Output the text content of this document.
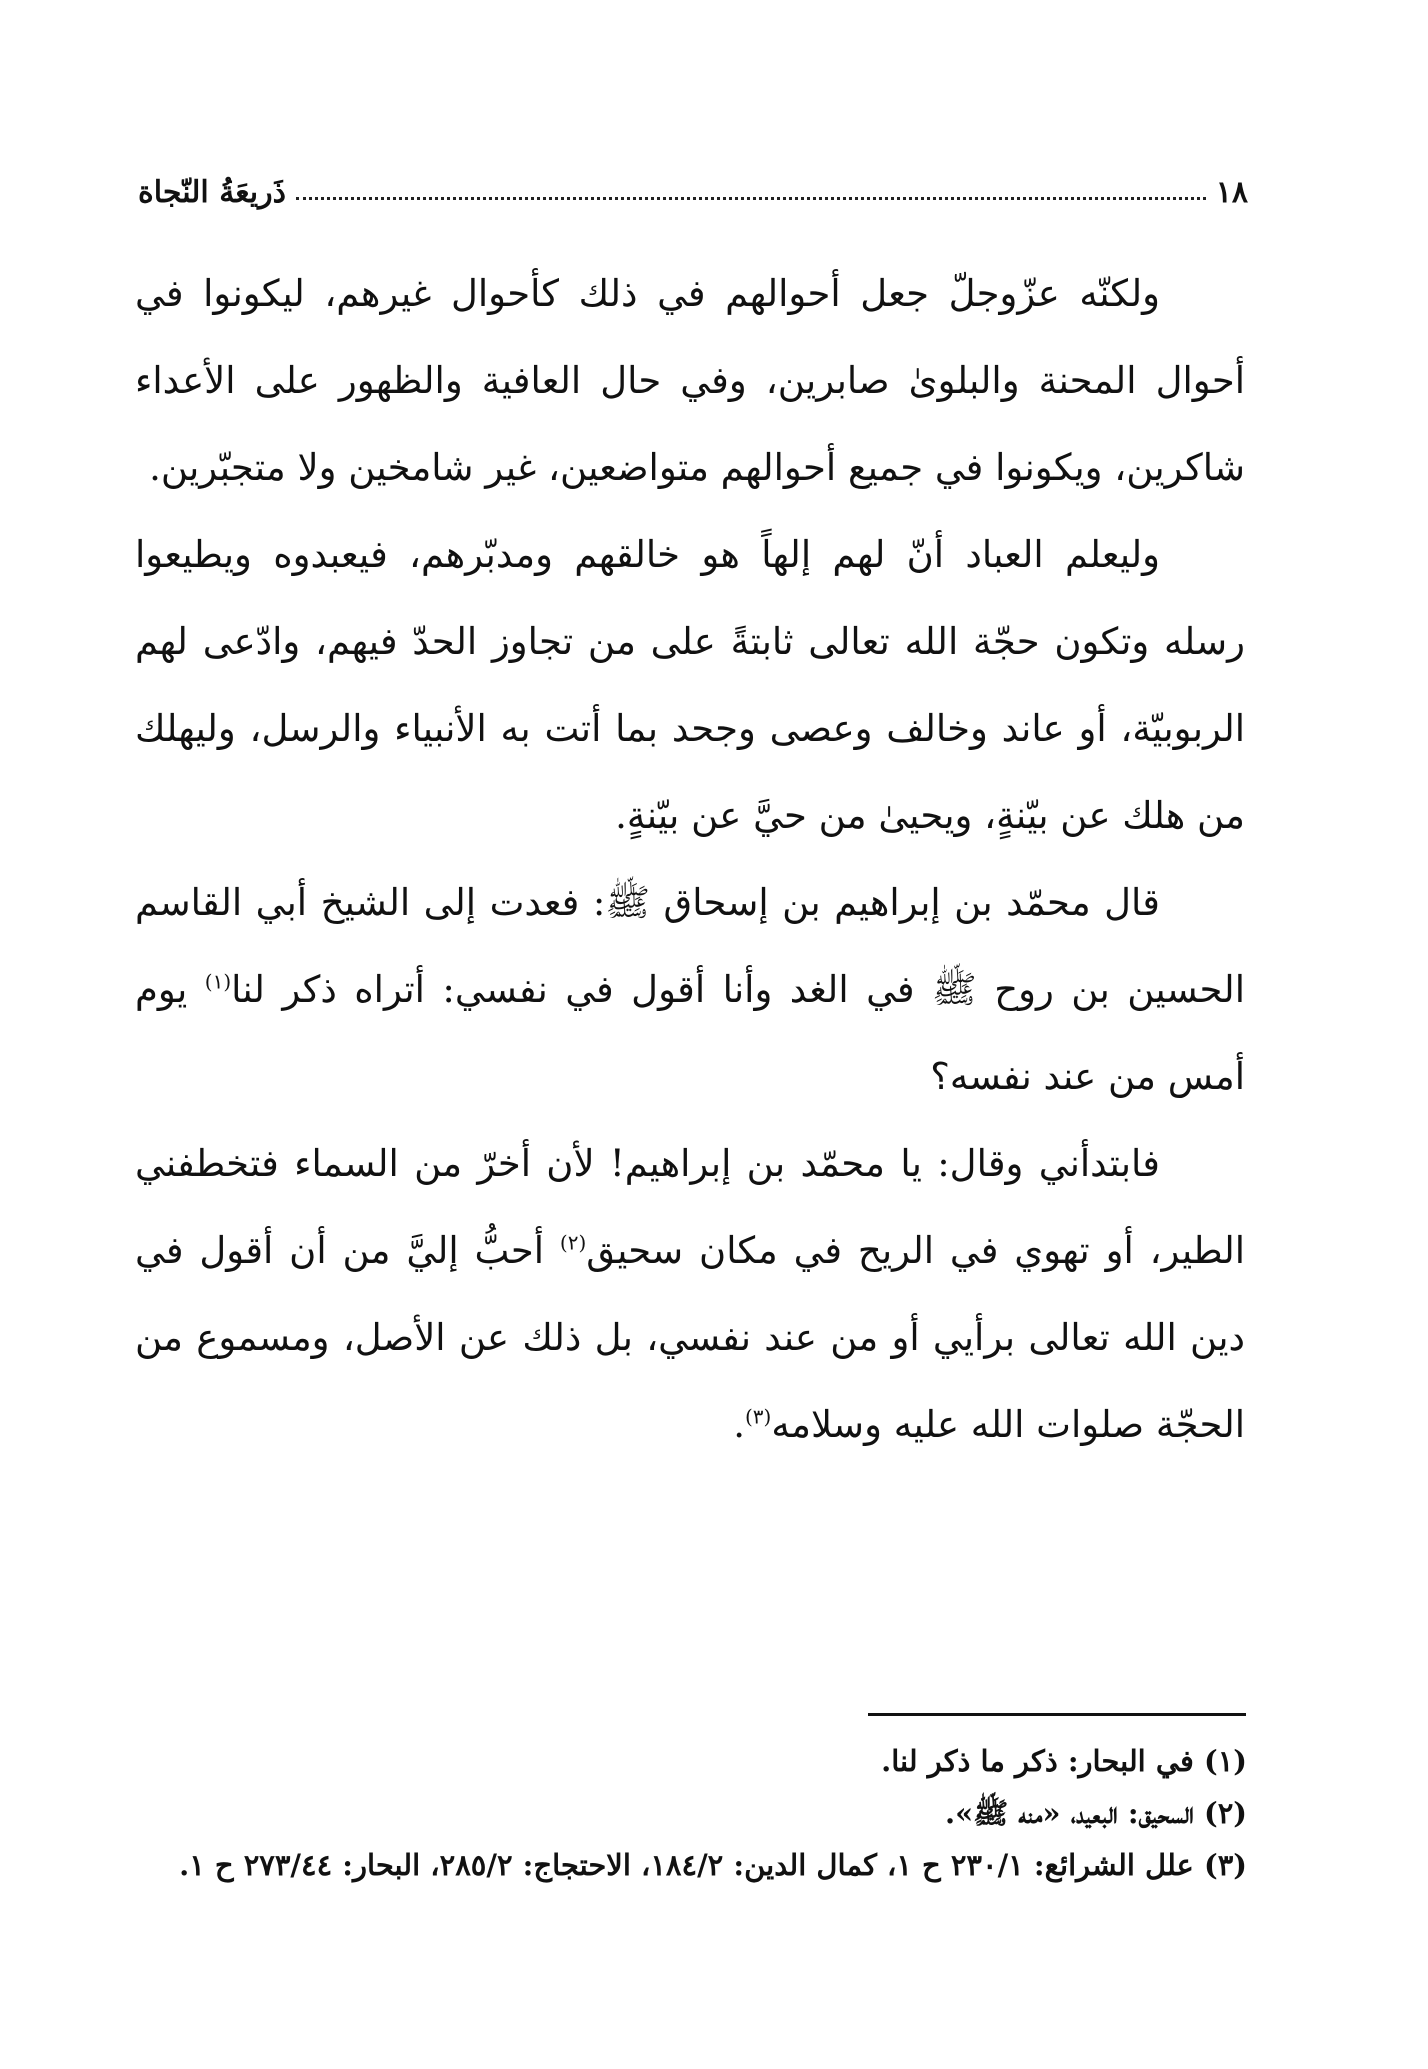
١٨
ذَريعَةُ النّجاة

ولكنّه عزّوجلّ جعل أحوالهم في ذلك كأحوال غيرهم، ليكونوا في أحوال المحنة والبلوىٰ صابرين، وفي حال العافية والظهور على الأعداء شاكرين، ويكونوا في جميع أحوالهم متواضعين، غير شامخين ولا متجبّرين.

وليعلم العباد أنّ لهم إلهاً هو خالقهم ومدبّرهم، فيعبدوه ويطيعوا رسله وتكون حجّة الله تعالى ثابتةً على من تجاوز الحدّ فيهم، وادّعى لهم الربوبيّة، أو عاند وخالف وعصى وجحد بما أتت به الأنبياء والرسل، وليهلك من هلك عن بيّنةٍ، ويحيىٰ من حيَّ عن بيّنةٍ.

قال محمّد بن إبراهيم بن إسحاق ﷺ: فعدت إلى الشيخ أبي القاسم الحسين بن روح ﷺ في الغد وأنا أقول في نفسي: أتراه ذكر لنا$^{(١)}$ يوم أمس من عند نفسه؟

فابتدأني وقال: يا محمّد بن إبراهيم! لأن أخرّ من السماء فتخطفني الطير، أو تهوي في الريح في مكان سحيق$^{(٢)}$ أحبُّ إليَّ من أن أقول في دين الله تعالى برأيي أو من عند نفسي، بل ذلك عن الأصل، ومسموع من الحجّة صلوات الله عليه وسلامه$^{(٣)}$.

(١) في البحار: ذكر ما ذكر لنا.
(٢) السحيق: البعيد، «منه ﷺ».
(٣) علل الشرائع: ٢٣٠/١ ح ١، كمال الدين: ١٨٤/٢، الاحتجاج: ٢٨٥/٢، البحار: ٢٧٣/٤٤ ح ١.
